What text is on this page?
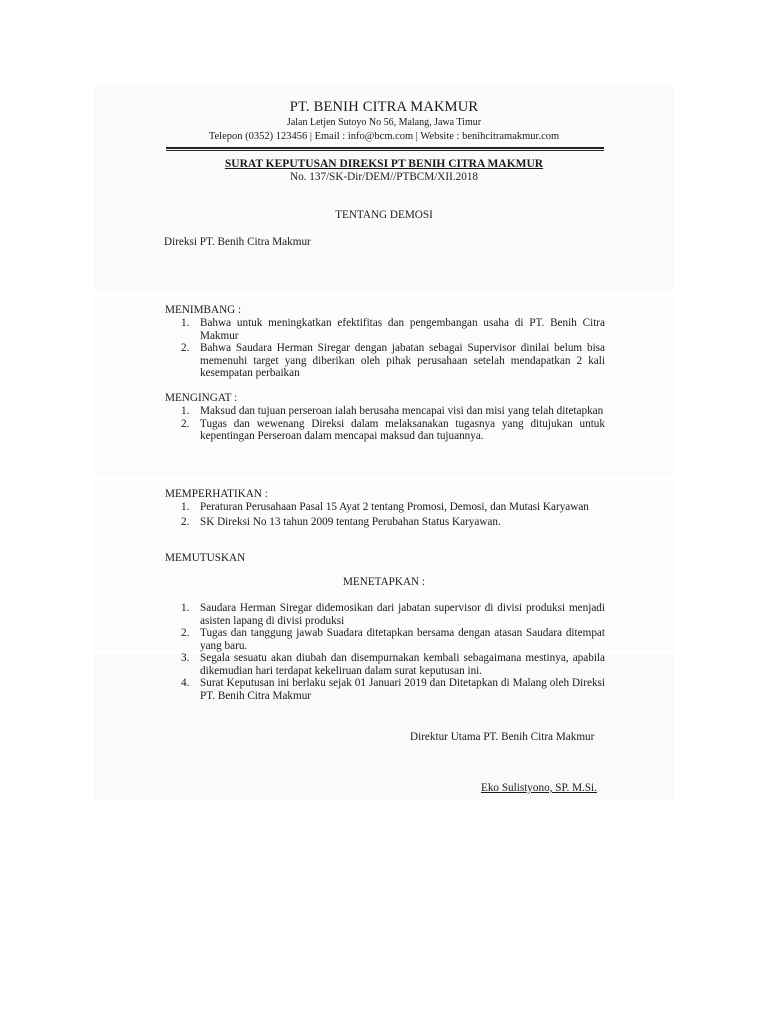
PT. BENIH CITRA MAKMUR
Jalan Letjen Sutoyo No 56, Malang, Jawa Timur
Telepon (0352) 123456 | Email : info@bcm.com | Website : benihcitramakmur.com
SURAT KEPUTUSAN DIREKSI PT BENIH CITRA MAKMUR
No. 137/SK-Dir/DEM//PTBCM/XII.2018
TENTANG DEMOSI
Direksi PT. Benih Citra Makmur
MENIMBANG :
1. Bahwa untuk meningkatkan efektifitas dan pengembangan usaha di PT. Benih Citra Makmur
2. Bahwa Saudara Herman Siregar dengan jabatan sebagai Supervisor dinilai belum bisa memenuhi target yang diberikan oleh pihak perusahaan setelah mendapatkan 2 kali kesempatan perbaikan
MENGINGAT :
1. Maksud dan tujuan perseroan ialah berusaha mencapai visi dan misi yang telah ditetapkan
2. Tugas dan wewenang Direksi dalam melaksanakan tugasnya yang ditujukan untuk kepentingan Perseroan dalam mencapai maksud dan tujuannya.
MEMPERHATIKAN :
1. Peraturan Perusahaan Pasal 15 Ayat 2 tentang Promosi, Demosi, dan Mutasi Karyawan
2. SK Direksi No 13 tahun 2009 tentang Perubahan Status Karyawan.
MEMUTUSKAN
MENETAPKAN :
1. Saudara Herman Siregar didemosikan dari jabatan supervisor di divisi produksi menjadi asisten lapang di divisi produksi
2. Tugas dan tanggung jawab Suadara ditetapkan bersama dengan atasan Saudara ditempat yang baru.
3. Segala sesuatu akan diubah dan disempurnakan kembali sebagaimana mestinya, apabila dikemudian hari terdapat kekeliruan dalam surat keputusan ini.
4. Surat Keputusan ini berlaku sejak 01 Januari 2019 dan Ditetapkan di Malang oleh Direksi PT. Benih Citra Makmur
Direktur Utama PT. Benih Citra Makmur
Eko Sulistyono, SP. M.Si.
